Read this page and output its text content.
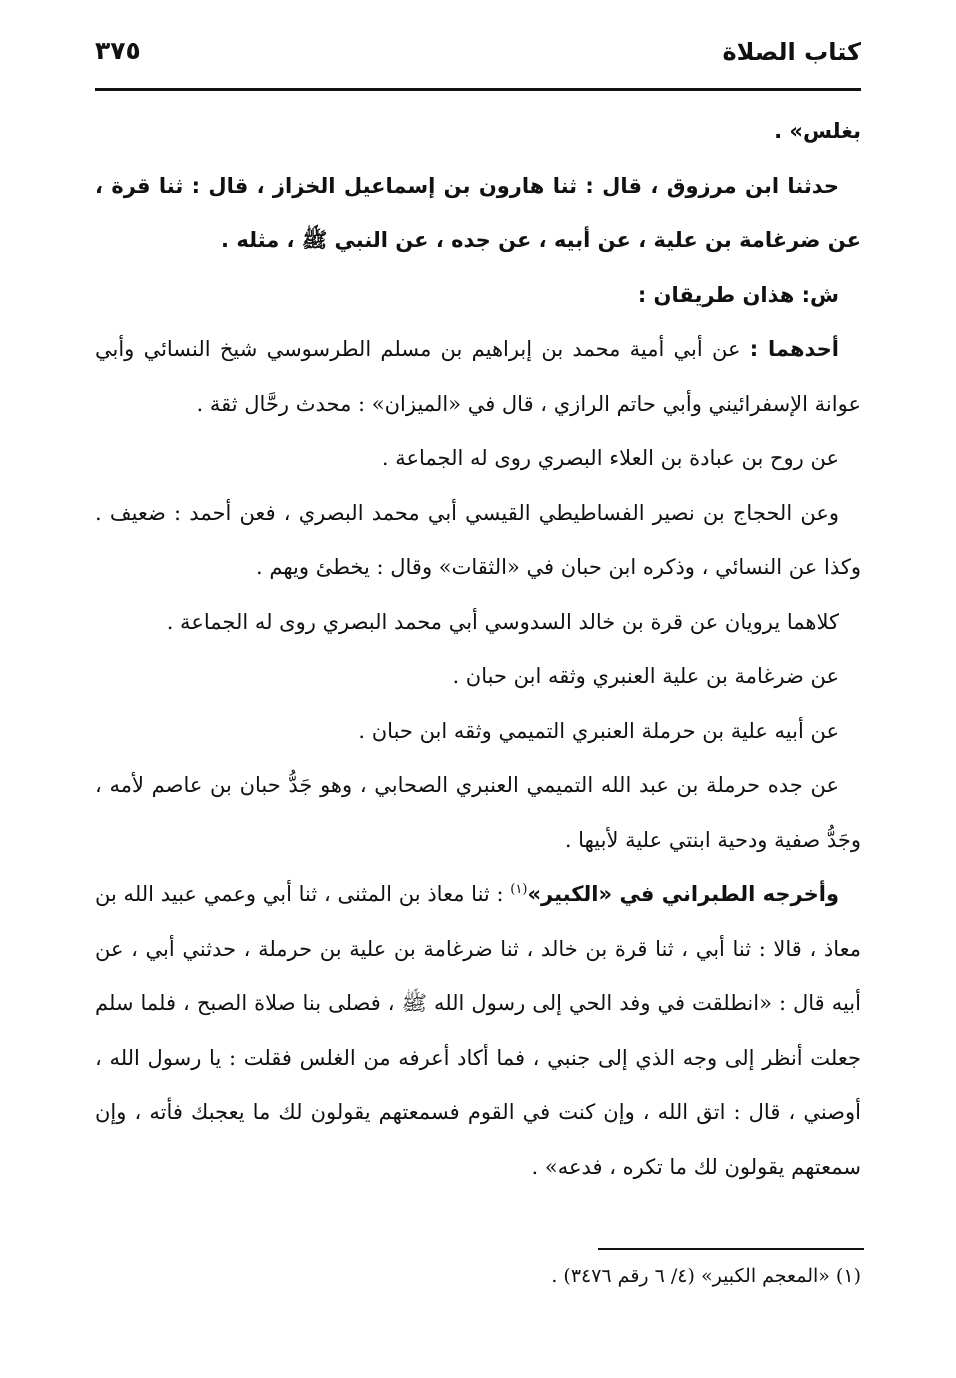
كتاب الصلاة
٣٧٥

بغلس» .

حدثنا ابن مرزوق ، قال : ثنا هارون بن إسماعيل الخزاز ، قال : ثنا قرة ، عن ضرغامة بن علية ، عن أبيه ، عن جده ، عن النبي ﷺ ، مثله .

ش: هذان طريقان :

أحدهما : عن أبي أمية محمد بن إبراهيم بن مسلم الطرسوسي شيخ النسائي وأبي عوانة الإسفرائيني وأبي حاتم الرازي ، قال في «الميزان» : محدث رحَّال ثقة .

عن روح بن عبادة بن العلاء البصري روى له الجماعة .

وعن الحجاج بن نصير الفساطيطي القيسي أبي محمد البصري ، فعن أحمد : ضعيف . وكذا عن النسائي ، وذكره ابن حبان في «الثقات» وقال : يخطئ ويهم .

كلاهما يرويان عن قرة بن خالد السدوسي أبي محمد البصري روى له الجماعة .

عن ضرغامة بن علية العنبري وثقه ابن حبان .

عن أبيه علية بن حرملة العنبري التميمي وثقه ابن حبان .

عن جده حرملة بن عبد الله التميمي العنبري الصحابي ، وهو جَدُّ حبان بن عاصم لأمه ، وجَدُّ صفية ودحية ابنتي علية لأبيها .

وأخرجه الطبراني في «الكبير»$^{(١)}$ : ثنا معاذ بن المثنى ، ثنا أبي وعمي عبيد الله بن معاذ ، قالا : ثنا أبي ، ثنا قرة بن خالد ، ثنا ضرغامة بن علية بن حرملة ، حدثني أبي ، عن أبيه قال : «انطلقت في وفد الحي إلى رسول الله ﷺ ، فصلى بنا صلاة الصبح ، فلما سلم جعلت أنظر إلى وجه الذي إلى جنبي ، فما أكاد أعرفه من الغلس فقلت : يا رسول الله ، أوصني ، قال : اتق الله ، وإن كنت في القوم فسمعتهم يقولون لك ما يعجبك فأته ، وإن سمعتهم يقولون لك ما تكره ، فدعه» .

(١) «المعجم الكبير» (٤/ ٦ رقم ٣٤٧٦) .
